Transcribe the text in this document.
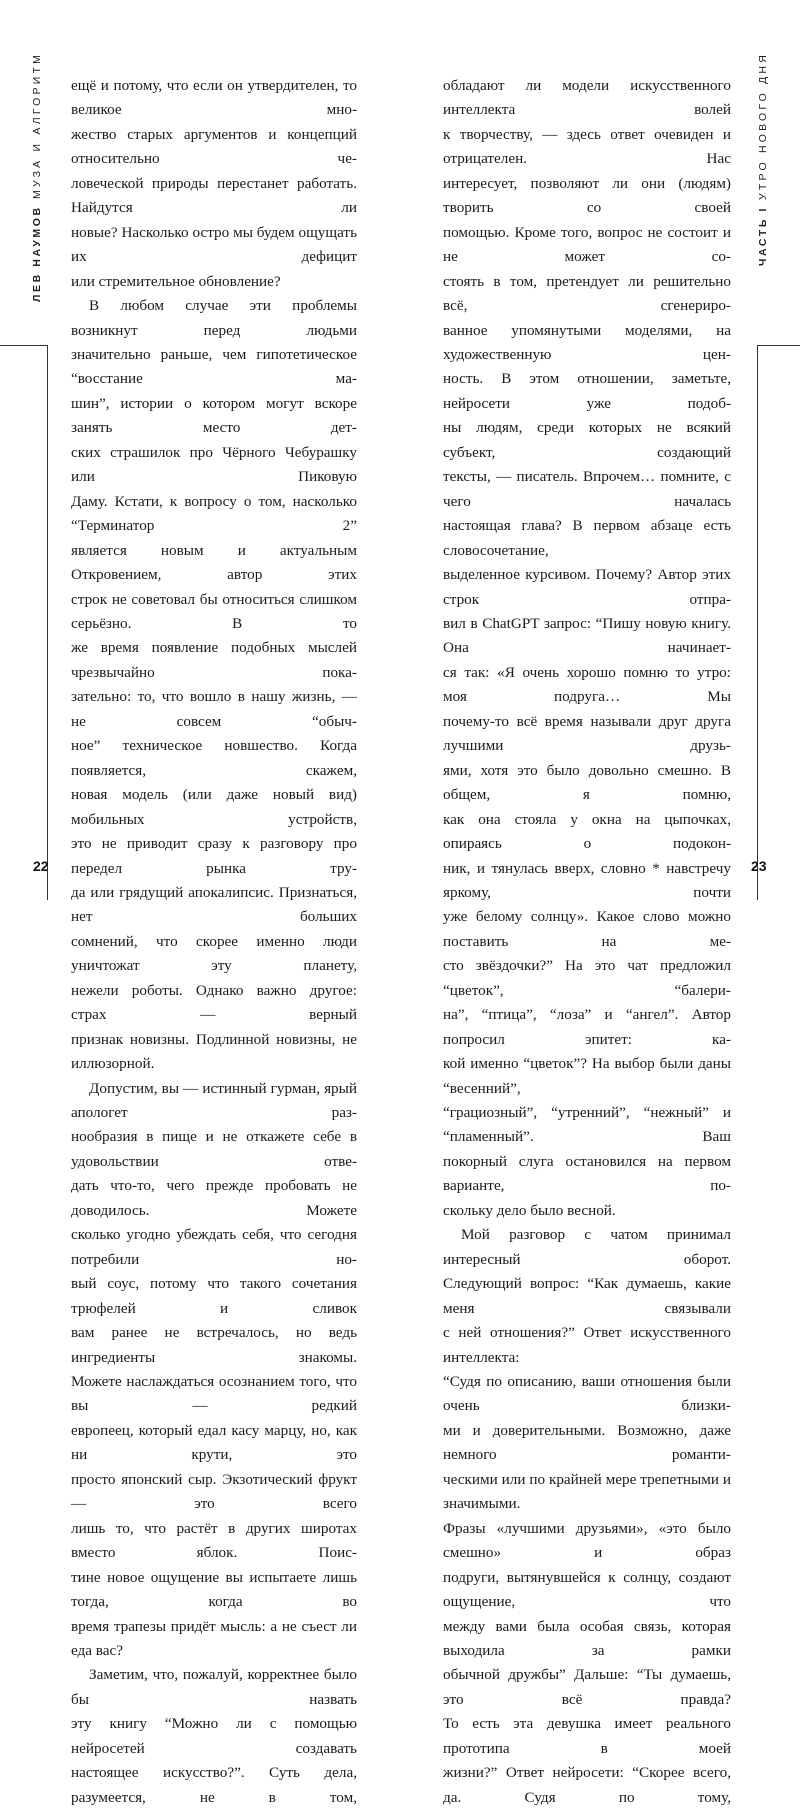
ЛЕВ НАУМОВ
МУЗА И АЛГОРИТМ
22

ещё и потому, что если он утвердителен, то великое мно-

жество старых аргументов и концепций относительно че-

ловеческой природы перестанет работать. Найдутся ли

новые? Насколько остро мы будем ощущать их дефицит

или стремительное обновление?

В любом случае эти проблемы возникнут перед людьми

значительно раньше, чем гипотетическое “восстание ма-

шин”, истории о котором могут вскоре занять место дет-

ских страшилок про Чёрного Чебурашку или Пиковую

Даму. Кстати, к вопросу о том, насколько “Терминатор 2”

является новым и актуальным Откровением, автор этих

строк не советовал бы относиться слишком серьёзно. В то

же время появление подобных мыслей чрезвычайно пока-

зательно: то, что вошло в нашу жизнь, — не совсем “обыч-

ное” техническое новшество. Когда появляется, скажем,

новая модель (или даже новый вид) мобильных устройств,

это не приводит сразу к разговору про передел рынка тру-

да или грядущий апокалипсис. Признаться, нет больших

сомнений, что скорее именно люди уничтожат эту планету,

нежели роботы. Однако важно другое: страх — верный

признак новизны. Подлинной новизны, не иллюзорной.

Допустим, вы — истинный гурман, ярый апологет раз-

нообразия в пище и не откажете себе в удовольствии отве-

дать что-то, чего прежде пробовать не доводилось. Можете

сколько угодно убеждать себя, что сегодня потребили но-

вый соус, потому что такого сочетания трюфелей и сливок

вам ранее не встречалось, но ведь ингредиенты знакомы.

Можете наслаждаться осознанием того, что вы — редкий

европеец, который едал касу марцу, но, как ни крути, это

просто японский сыр. Экзотический фрукт — это всего

лишь то, что растёт в других широтах вместо яблок. Поис-

тине новое ощущение вы испытаете лишь тогда, когда во

время трапезы придёт мысль: а не съест ли еда вас?

Заметим, что, пожалуй, корректнее было бы назвать

эту книгу “Можно ли с помощью нейросетей создавать

настоящее искусство?”. Суть дела, разумеется, не в том,

ЧАСТЬ I
УТРО НОВОГО ДНЯ
23

обладают ли модели искусственного интеллекта волей

к творчеству, — здесь ответ очевиден и отрицателен. Нас

интересует, позволяют ли они (людям) творить со своей

помощью. Кроме того, вопрос не состоит и не может со-

стоять в том, претендует ли решительно всё, сгенериро-

ванное упомянутыми моделями, на художественную цен-

ность. В этом отношении, заметьте, нейросети уже подоб-

ны людям, среди которых не всякий субъект, создающий

тексты, — писатель. Впрочем… помните, с чего началась

настоящая глава? В первом абзаце есть словосочетание,

выделенное курсивом. Почему? Автор этих строк отпра-

вил в ChatGPT запрос: “Пишу новую книгу. Она начинает-

ся так: «Я очень хорошо помню то утро: моя подруга… Мы

почему-то всё время называли друг друга лучшими друзь-

ями, хотя это было довольно смешно. В общем, я помню,

как она стояла у окна на цыпочках, опираясь о подокон-

ник, и тянулась вверх, словно * навстречу яркому, почти

уже белому солнцу». Какое слово можно поставить на ме-

сто звёздочки?” На это чат предложил “цветок”, “балери-

на”, “птица”, “лоза” и “ангел”. Автор попросил эпитет: ка-

кой именно “цветок”? На выбор были даны “весенний”,

“грациозный”, “утренний”, “нежный” и “пламенный”. Ваш

покорный слуга остановился на первом варианте, по-

скольку дело было весной.

Мой разговор с чатом принимал интересный оборот.

Следующий вопрос: “Как думаешь, какие меня связывали

с ней отношения?” Ответ искусственного интеллекта:

“Судя по описанию, ваши отношения были очень близки-

ми и доверительными. Возможно, даже немного романти-

ческими или по крайней мере трепетными и значимыми.

Фразы «лучшими друзьями», «это было смешно» и образ

подруги, вытянувшейся к солнцу, создают ощущение, что

между вами была особая связь, которая выходила за рамки

обычной дружбы” Дальше: “Ты думаешь, это всё правда?

То есть эта девушка имеет реального прототипа в моей

жизни?” Ответ нейросети: “Скорее всего, да. Судя по тому,
